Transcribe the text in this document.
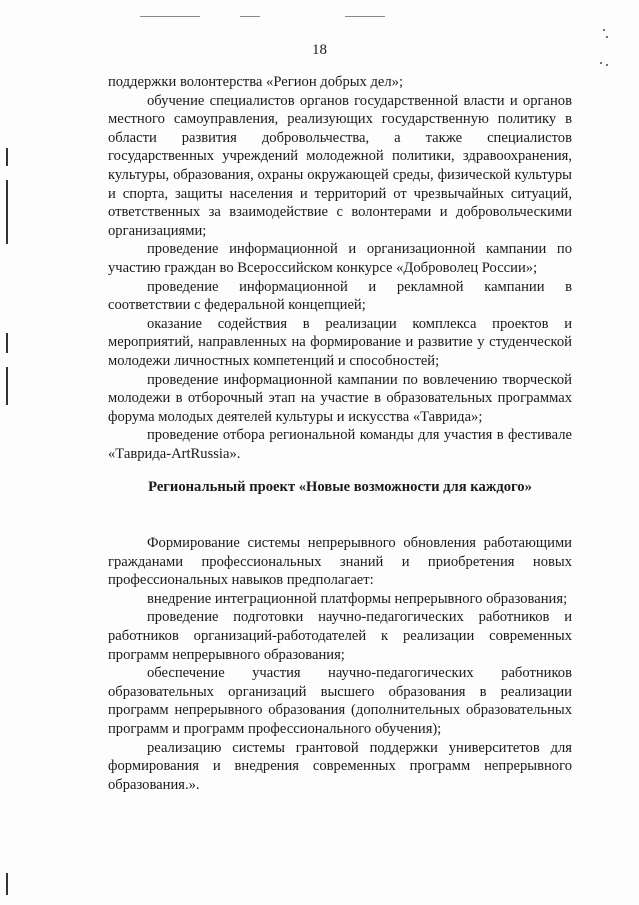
18

поддержки волонтерства «Регион добрых дел»;

обучение специалистов органов государственной власти и органов местного самоуправления, реализующих государственную политику в области развития добровольчества, а также специалистов государственных учреждений молодежной политики, здравоохранения, культуры, образования, охраны окружающей среды, физической культуры и спорта, защиты населения и территорий от чрезвычайных ситуаций, ответственных за взаимодействие с волонтерами и добровольческими организациями;

проведение информационной и организационной кампании по участию граждан во Всероссийском конкурсе «Доброволец России»;

проведение информационной и рекламной кампании в соответствии с федеральной концепцией;

оказание содействия в реализации комплекса проектов и мероприятий, направленных на формирование и развитие у студенческой молодежи личностных компетенций и способностей;

проведение информационной кампании по вовлечению творческой молодежи в отборочный этап на участие в образовательных программах форума молодых деятелей культуры и искусства «Таврида»;

проведение отбора региональной команды для участия в фестивале «Таврида-ArtRussia».

Региональный проект «Новые возможности для каждого»

Формирование системы непрерывного обновления работающими гражданами профессиональных знаний и приобретения новых профессиональных навыков предполагает:

внедрение интеграционной платформы непрерывного образования;

проведение подготовки научно-педагогических работников и работников организаций-работодателей к реализации современных программ непрерывного образования;

обеспечение участия научно-педагогических работников образовательных организаций высшего образования в реализации программ непрерывного образования (дополнительных образовательных программ и программ профессионального обучения);

реализацию системы грантовой поддержки университетов для формирования и внедрения современных программ непрерывного образования.».
